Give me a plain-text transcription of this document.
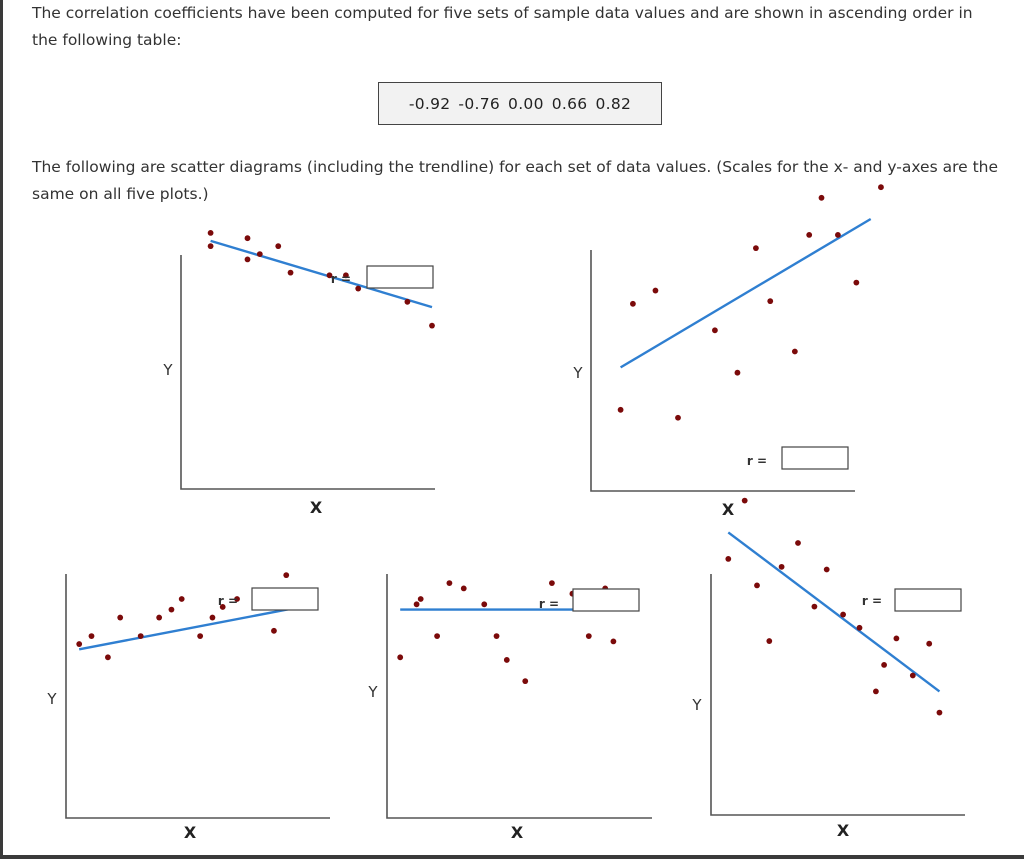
The correlation coefficients have been computed for five sets of sample data values and are shown in ascending order in the following table:

-0.92 -0.76 0.00 0.66 0.82

The following are scatter diagrams (including the trendline) for each set of data values. (Scales for the x- and y-axes are the same on all five plots.)

Y
X
r =
Y
X
r =
Y
X
r =
Y
X
r =
Y
X
r =
